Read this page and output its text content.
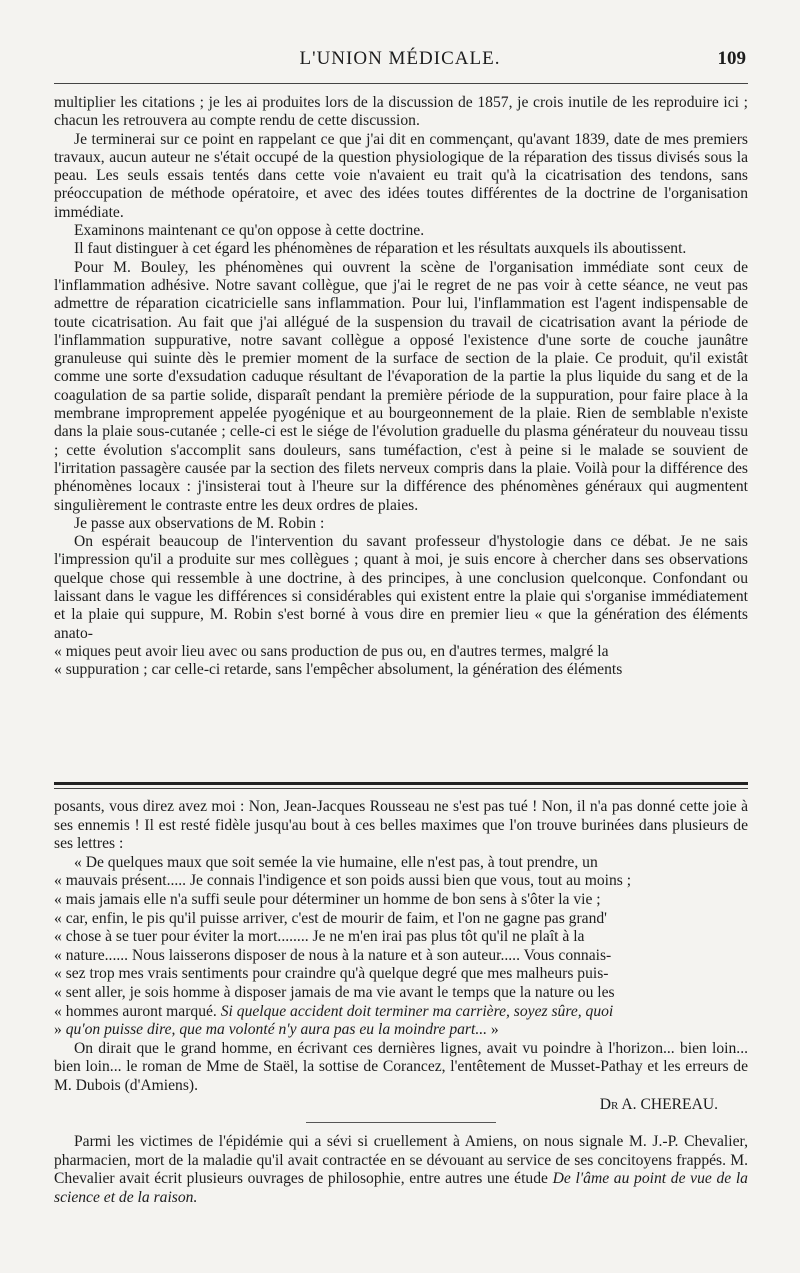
L'UNION MÉDICALE.	109

multiplier les citations ; je les ai produites lors de la discussion de 1857, je crois inutile de les reproduire ici ; chacun les retrouvera au compte rendu de cette discussion.

Je terminerai sur ce point en rappelant ce que j'ai dit en commençant, qu'avant 1839, date de mes premiers travaux, aucun auteur ne s'était occupé de la question physiologique de la réparation des tissus divisés sous la peau. Les seuls essais tentés dans cette voie n'avaient eu trait qu'à la cicatrisation des tendons, sans préoccupation de méthode opératoire, et avec des idées toutes différentes de la doctrine de l'organisation immédiate.

Examinons maintenant ce qu'on oppose à cette doctrine.

Il faut distinguer à cet égard les phénomènes de réparation et les résultats auxquels ils aboutissent.

Pour M. Bouley, les phénomènes qui ouvrent la scène de l'organisation immédiate sont ceux de l'inflammation adhésive. Notre savant collègue, que j'ai le regret de ne pas voir à cette séance, ne veut pas admettre de réparation cicatricielle sans inflammation. Pour lui, l'inflammation est l'agent indispensable de toute cicatrisation. Au fait que j'ai allégué de la suspension du travail de cicatrisation avant la période de l'inflammation suppurative, notre savant collègue a opposé l'existence d'une sorte de couche jaunâtre granuleuse qui suinte dès le premier moment de la surface de section de la plaie. Ce produit, qu'il existât comme une sorte d'exsudation caduque résultant de l'évaporation de la partie la plus liquide du sang et de la coagulation de sa partie solide, disparaît pendant la première période de la suppuration, pour faire place à la membrane improprement appelée pyogénique et au bourgeonnement de la plaie. Rien de semblable n'existe dans la plaie sous-cutanée ; celle-ci est le siége de l'évolution graduelle du plasma générateur du nouveau tissu ; cette évolution s'accomplit sans douleurs, sans tuméfaction, c'est à peine si le malade se souvient de l'irritation passagère causée par la section des filets nerveux compris dans la plaie. Voilà pour la différence des phénomènes locaux : j'insisterai tout à l'heure sur la différence des phénomènes généraux qui augmentent singulièrement le contraste entre les deux ordres de plaies.

Je passe aux observations de M. Robin :

On espérait beaucoup de l'intervention du savant professeur d'hystologie dans ce débat. Je ne sais l'impression qu'il a produite sur mes collègues ; quant à moi, je suis encore à chercher dans ses observations quelque chose qui ressemble à une doctrine, à des principes, à une conclusion quelconque. Confondant ou laissant dans le vague les différences si considérables qui existent entre la plaie qui s'organise immédiatement et la plaie qui suppure, M. Robin s'est borné à vous dire en premier lieu « que la génération des éléments anato-

« miques peut avoir lieu avec ou sans production de pus ou, en d'autres termes, malgré la

« suppuration ; car celle-ci retarde, sans l'empêcher absolument, la génération des éléments

posants, vous direz avez moi : Non, Jean-Jacques Rousseau ne s'est pas tué ! Non, il n'a pas donné cette joie à ses ennemis ! Il est resté fidèle jusqu'au bout à ces belles maximes que l'on trouve burinées dans plusieurs de ses lettres :

« De quelques maux que soit semée la vie humaine, elle n'est pas, à tout prendre, un

« mauvais présent..... Je connais l'indigence et son poids aussi bien que vous, tout au moins ;

« mais jamais elle n'a suffi seule pour déterminer un homme de bon sens à s'ôter la vie ;

« car, enfin, le pis qu'il puisse arriver, c'est de mourir de faim, et l'on ne gagne pas grand'

« chose à se tuer pour éviter la mort........ Je ne m'en irai pas plus tôt qu'il ne plaît à la

« nature...... Nous laisserons disposer de nous à la nature et à son auteur..... Vous connais-

« sez trop mes vrais sentiments pour craindre qu'à quelque degré que mes malheurs puis-

« sent aller, je sois homme à disposer jamais de ma vie avant le temps que la nature ou les

« hommes auront marqué. Si quelque accident doit terminer ma carrière, soyez sûre, quoi

» qu'on puisse dire, que ma volonté n'y aura pas eu la moindre part... »

On dirait que le grand homme, en écrivant ces dernières lignes, avait vu poindre à l'horizon... bien loin... bien loin... le roman de Mme de Staël, la sottise de Corancez, l'entêtement de Musset-Pathay et les erreurs de M. Dubois (d'Amiens).

Dr A. CHEREAU.

Parmi les victimes de l'épidémie qui a sévi si cruellement à Amiens, on nous signale M. J.-P. Chevalier, pharmacien, mort de la maladie qu'il avait contractée en se dévouant au service de ses concitoyens frappés. M. Chevalier avait écrit plusieurs ouvrages de philosophie, entre autres une étude De l'âme au point de vue de la science et de la raison.
